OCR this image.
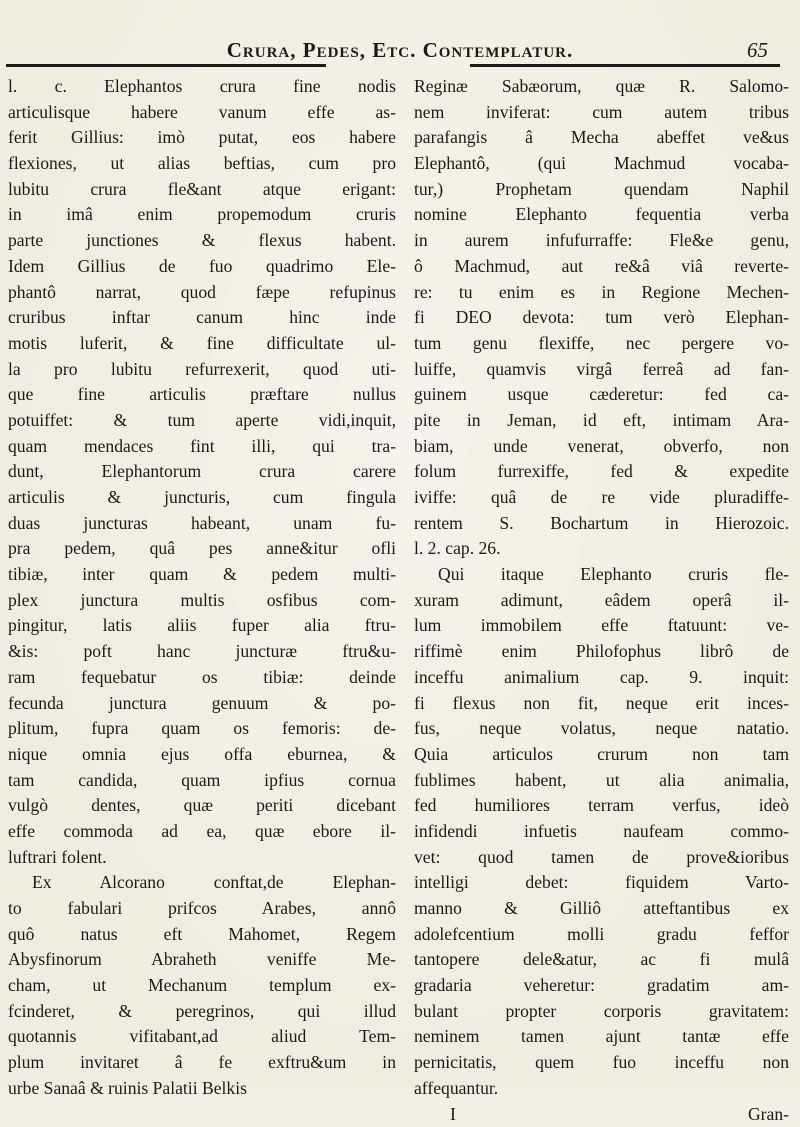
Crura, Pedes, Etc. Contemplatur.	65
l. c. Elephantos crura fine nodis
articulisque habere vanum effe as-
ferit Gillius: imò putat, eos habere
flexiones, ut alias beftias, cum pro
lubitu crura fle&ant atque erigant:
in imâ enim propemodum cruris
parte junctiones & flexus habent.
Idem Gillius de fuo quadrimo Ele-
phantô narrat, quod fæpe refupinus
cruribus inftar canum hinc inde
motis luferit, & fine difficultate ul-
la pro lubitu refurrexerit, quod uti-
que fine articulis præftare nullus
potuiffet: & tum aperte vidi,inquit,
quam mendaces fint illi, qui tra-
dunt, Elephantorum crura carere
articulis & juncturis, cum fingula
duas juncturas habeant, unam fu-
pra pedem, quâ pes anne&itur ofli
tibiæ, inter quam & pedem multi-
plex junctura multis osfibus com-
pingitur, latis aliis fuper alia ftru-
&is: poft hanc juncturæ ftru&u-
ram fequebatur os tibiæ: deinde
fecunda junctura genuum & po-
plitum, fupra quam os femoris: de-
nique omnia ejus offa eburnea, &
tam candida, quam ipfius cornua
vulgò dentes, quæ periti dicebant
effe commoda ad ea, quæ ebore il-
luftrari folent.
Ex Alcorano conftat,de Elephan-
to fabulari prifcos Arabes, annô
quô natus eft Mahomet, Regem
Abysfinorum Abraheth veniffe Me-
cham, ut Mechanum templum ex-
fcinderet, & peregrinos, qui illud
quotannis vifitabant,ad aliud Tem-
plum invitaret â fe exftru&um in
urbe Sanaâ & ruinis Palatii Belkis
Reginæ Sabæorum, quæ R. Salomo-
nem inviferat: cum autem tribus
parafangis â Mecha abeffet ve&us
Elephantô, (qui Machmud vocaba-
tur,) Prophetam quendam Naphil
nomine Elephanto fequentia verba
in aurem infufurraffe: Fle&e genu,
ô Machmud, aut re&â viâ reverte-
re: tu enim es in Regione Mechen-
fi DEO devota: tum verò Elephan-
tum genu flexiffe, nec pergere vo-
luiffe, quamvis virgâ ferreâ ad fan-
guinem usque cæderetur: fed ca-
pite in Jeman, id eft, intimam Ara-
biam, unde venerat, obverfo, non
folum furrexiffe, fed & expedite
iviffe: quâ de re vide pluradiffe-
rentem S. Bochartum in Hierozoic.
l. 2. cap. 26.
Qui itaque Elephanto cruris fle-
xuram adimunt, eâdem operâ il-
lum immobilem effe ftatuunt: ve-
riffimè enim Philofophus librô de
inceffu animalium cap. 9. inquit:
fi flexus non fit, neque erit inces-
fus, neque volatus, neque natatio.
Quia articulos crurum non tam
fublimes habent, ut alia animalia,
fed humiliores terram verfus, ideò
infidendi infuetis naufeam commo-
vet: quod tamen de prove&ioribus
intelligi debet: fiquidem Varto-
manno & Gilliô atteftantibus ex
adolefcentium molli gradu feffor
tantopere dele&atur, ac fi mulâ
gradaria veheretur: gradatim am-
bulant propter corporis gravitatem:
neminem tamen ajunt tantæ effe
pernicitatis, quem fuo inceffu non
affequantur.
I	Gran-
